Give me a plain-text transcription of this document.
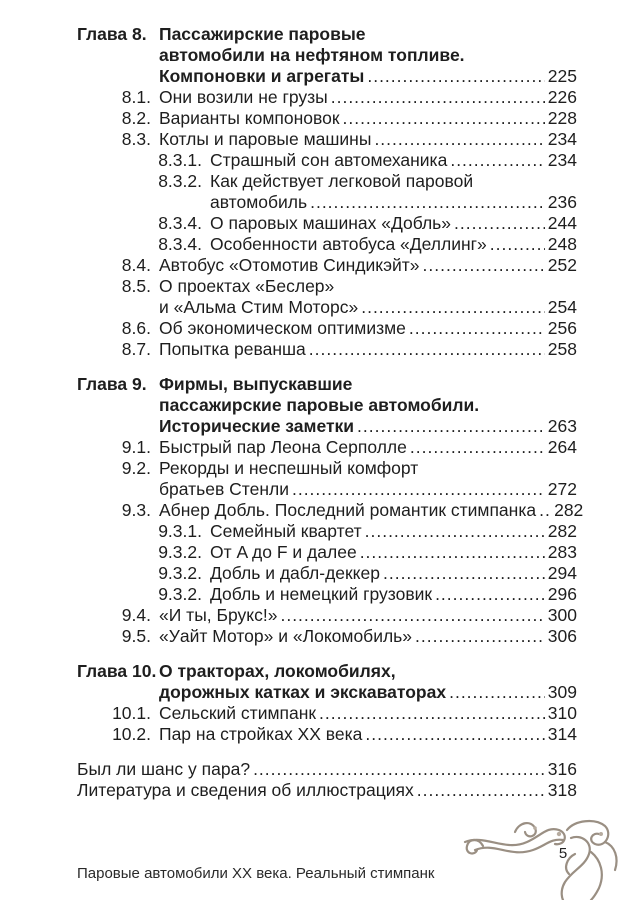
Глава 8. Пассажирские паровые
автомобили на нефтяном топливе.
Компоновки и агрегаты .....	225
8.1. Они возили не грузы .....	226
8.2. Варианты компоновок .....	228
8.3. Котлы и паровые машины .....	234
8.3.1. Страшный сон автомеханика .....	234
8.3.2. Как действует легковой паровой
автомобиль .....	236
8.3.4. О паровых машинах «Добль» .....	244
8.3.4. Особенности автобуса «Деллинг» .....	248
8.4. Автобус «Отомотив Синдикэйт» .....	252
8.5. О проектах «Беслер»
и «Альма Стим Моторс» .....	254
8.6. Об экономическом оптимизме .....	256
8.7. Попытка реванша .....	258
Глава 9. Фирмы, выпускавшие
пассажирские паровые автомобили.
Исторические заметки .....	263
9.1. Быстрый пар Леона Серполле .....	264
9.2. Рекорды и неспешный комфорт
братьев Стенли .....	272
9.3. Абнер Добль. Последний романтик стимпанка ..... 282
9.3.1. Семейный квартет .....	282
9.3.2. От A до F и далее .....	283
9.3.2. Добль и дабл-деккер .....	294
9.3.2. Добль и немецкий грузовик .....	296
9.4. «И ты, Брукс!» .....	300
9.5. «Уайт Мотор» и «Локомобиль» .....	306
Глава 10. О тракторах, локомобилях,
дорожных катках и экскаваторах .....	309
10.1. Сельский стимпанк .....	310
10.2. Пар на стройках XX века .....	314
Был ли шанс у пара? .....	316
Литература и сведения об иллюстрациях .....	318
5
Паровые автомобили XX века. Реальный стимпанк
